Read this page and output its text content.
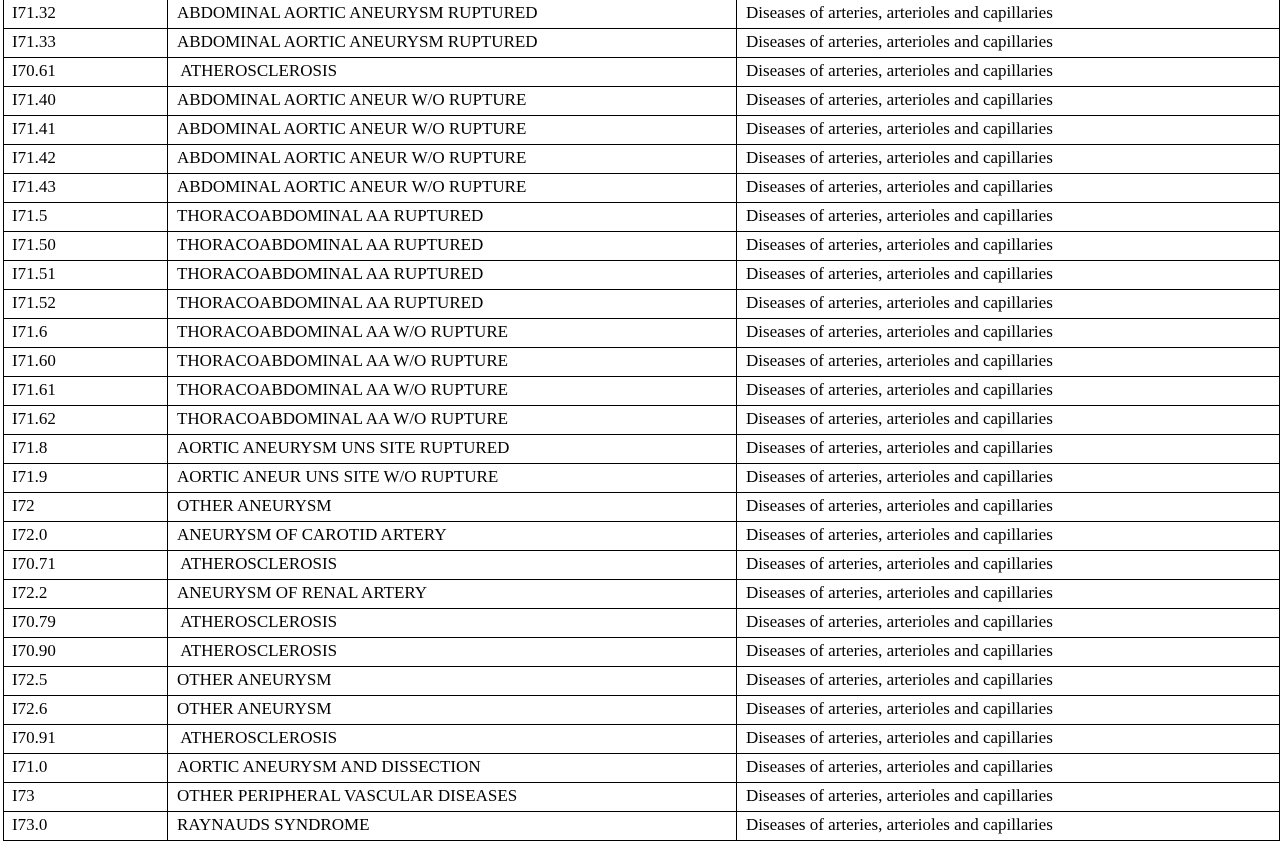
I71.32	ABDOMINAL AORTIC ANEURYSM RUPTURED	Diseases of arteries, arterioles and capillaries
I71.33	ABDOMINAL AORTIC ANEURYSM RUPTURED	Diseases of arteries, arterioles and capillaries
I70.61	ATHEROSCLEROSIS	Diseases of arteries, arterioles and capillaries
I71.40	ABDOMINAL AORTIC ANEUR W/O RUPTURE	Diseases of arteries, arterioles and capillaries
I71.41	ABDOMINAL AORTIC ANEUR W/O RUPTURE	Diseases of arteries, arterioles and capillaries
I71.42	ABDOMINAL AORTIC ANEUR W/O RUPTURE	Diseases of arteries, arterioles and capillaries
I71.43	ABDOMINAL AORTIC ANEUR W/O RUPTURE	Diseases of arteries, arterioles and capillaries
I71.5	THORACOABDOMINAL AA RUPTURED	Diseases of arteries, arterioles and capillaries
I71.50	THORACOABDOMINAL AA RUPTURED	Diseases of arteries, arterioles and capillaries
I71.51	THORACOABDOMINAL AA RUPTURED	Diseases of arteries, arterioles and capillaries
I71.52	THORACOABDOMINAL AA RUPTURED	Diseases of arteries, arterioles and capillaries
I71.6	THORACOABDOMINAL AA W/O RUPTURE	Diseases of arteries, arterioles and capillaries
I71.60	THORACOABDOMINAL AA W/O RUPTURE	Diseases of arteries, arterioles and capillaries
I71.61	THORACOABDOMINAL AA W/O RUPTURE	Diseases of arteries, arterioles and capillaries
I71.62	THORACOABDOMINAL AA W/O RUPTURE	Diseases of arteries, arterioles and capillaries
I71.8	AORTIC ANEURYSM UNS SITE RUPTURED	Diseases of arteries, arterioles and capillaries
I71.9	AORTIC ANEUR UNS SITE W/O RUPTURE	Diseases of arteries, arterioles and capillaries
I72	OTHER ANEURYSM	Diseases of arteries, arterioles and capillaries
I72.0	ANEURYSM OF CAROTID ARTERY	Diseases of arteries, arterioles and capillaries
I70.71	ATHEROSCLEROSIS	Diseases of arteries, arterioles and capillaries
I72.2	ANEURYSM OF RENAL ARTERY	Diseases of arteries, arterioles and capillaries
I70.79	ATHEROSCLEROSIS	Diseases of arteries, arterioles and capillaries
I70.90	ATHEROSCLEROSIS	Diseases of arteries, arterioles and capillaries
I72.5	OTHER ANEURYSM	Diseases of arteries, arterioles and capillaries
I72.6	OTHER ANEURYSM	Diseases of arteries, arterioles and capillaries
I70.91	ATHEROSCLEROSIS	Diseases of arteries, arterioles and capillaries
I71.0	AORTIC ANEURYSM AND DISSECTION	Diseases of arteries, arterioles and capillaries
I73	OTHER PERIPHERAL VASCULAR DISEASES	Diseases of arteries, arterioles and capillaries
I73.0	RAYNAUDS SYNDROME	Diseases of arteries, arterioles and capillaries
